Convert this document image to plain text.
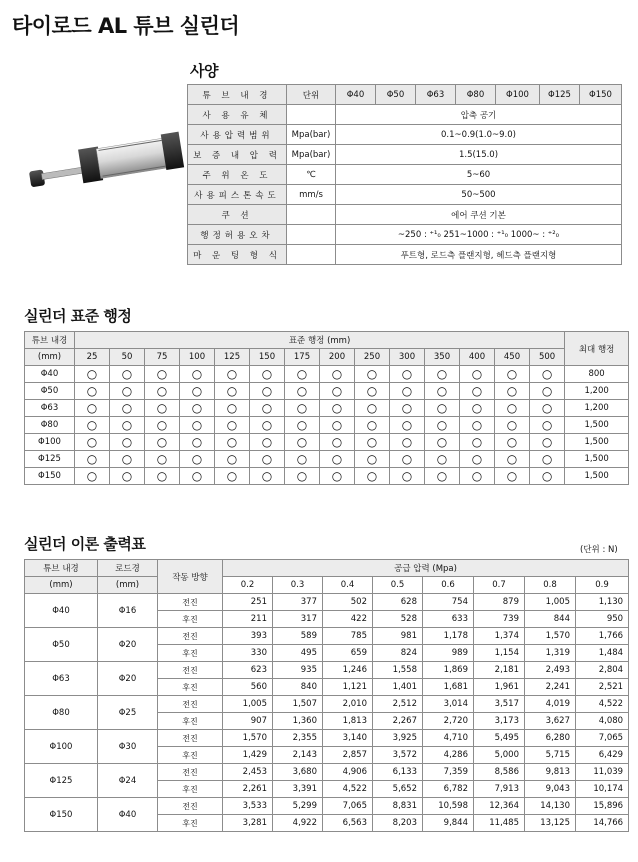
타이로드 AL 튜브 실린더
사양
튜 브 내 경	단위	Φ40	Φ50	Φ63	Φ80	Φ100	Φ125	Φ150
사 용 유 체		압축 공기						
사용압력범위	Mpa(bar)	0.1~0.9(1.0~9.0)						
보 증 내 압 력	Mpa(bar)	1.5(15.0)						
주 위 온 도	℃	5~60						
사용피스톤속도	mm/s	50~500						
쿠 션		에어 쿠션 기본						
행정허용오차		~250 : ⁺¹₀ 251~1000 : ⁺¹₀ 1000~ : ⁺²₀						
마 운 팅 형 식		푸트형, 로드측 플랜지형, 헤드측 플랜지형						
실린더 표준 행정
튜브 내경	표준 행정 (mm)														최대 행정
(mm)	25	50	75	100	125	150	175	200	250	300	350	400	450	500	
Φ40	○	○	○	○	○	○	○	○	○	○	○	○	○	○	800
Φ50	○	○	○	○	○	○	○	○	○	○	○	○	○	○	1,200
Φ63	○	○	○	○	○	○	○	○	○	○	○	○	○	○	1,200
Φ80	○	○	○	○	○	○	○	○	○	○	○	○	○	○	1,500
Φ100	○	○	○	○	○	○	○	○	○	○	○	○	○	○	1,500
Φ125	○	○	○	○	○	○	○	○	○	○	○	○	○	○	1,500
Φ150	○	○	○	○	○	○	○	○	○	○	○	○	○	○	1,500
실린더 이론 출력표	(단위 : N)
튜브 내경	로드경	작동 방향	공급 압력 (Mpa)							
(mm)	(mm)		0.2	0.3	0.4	0.5	0.6	0.7	0.8	0.9
Φ40	Φ16	전진	251	377	502	628	754	879	1,005	1,130
		후진	211	317	422	528	633	739	844	950
Φ50	Φ20	전진	393	589	785	981	1,178	1,374	1,570	1,766
		후진	330	495	659	824	989	1,154	1,319	1,484
Φ63	Φ20	전진	623	935	1,246	1,558	1,869	2,181	2,493	2,804
		후진	560	840	1,121	1,401	1,681	1,961	2,241	2,521
Φ80	Φ25	전진	1,005	1,507	2,010	2,512	3,014	3,517	4,019	4,522
		후진	907	1,360	1,813	2,267	2,720	3,173	3,627	4,080
Φ100	Φ30	전진	1,570	2,355	3,140	3,925	4,710	5,495	6,280	7,065
		후진	1,429	2,143	2,857	3,572	4,286	5,000	5,715	6,429
Φ125	Φ24	전진	2,453	3,680	4,906	6,133	7,359	8,586	9,813	11,039
		후진	2,261	3,391	4,522	5,652	6,782	7,913	9,043	10,174
Φ150	Φ40	전진	3,533	5,299	7,065	8,831	10,598	12,364	14,130	15,896
		후진	3,281	4,922	6,563	8,203	9,844	11,485	13,125	14,766
